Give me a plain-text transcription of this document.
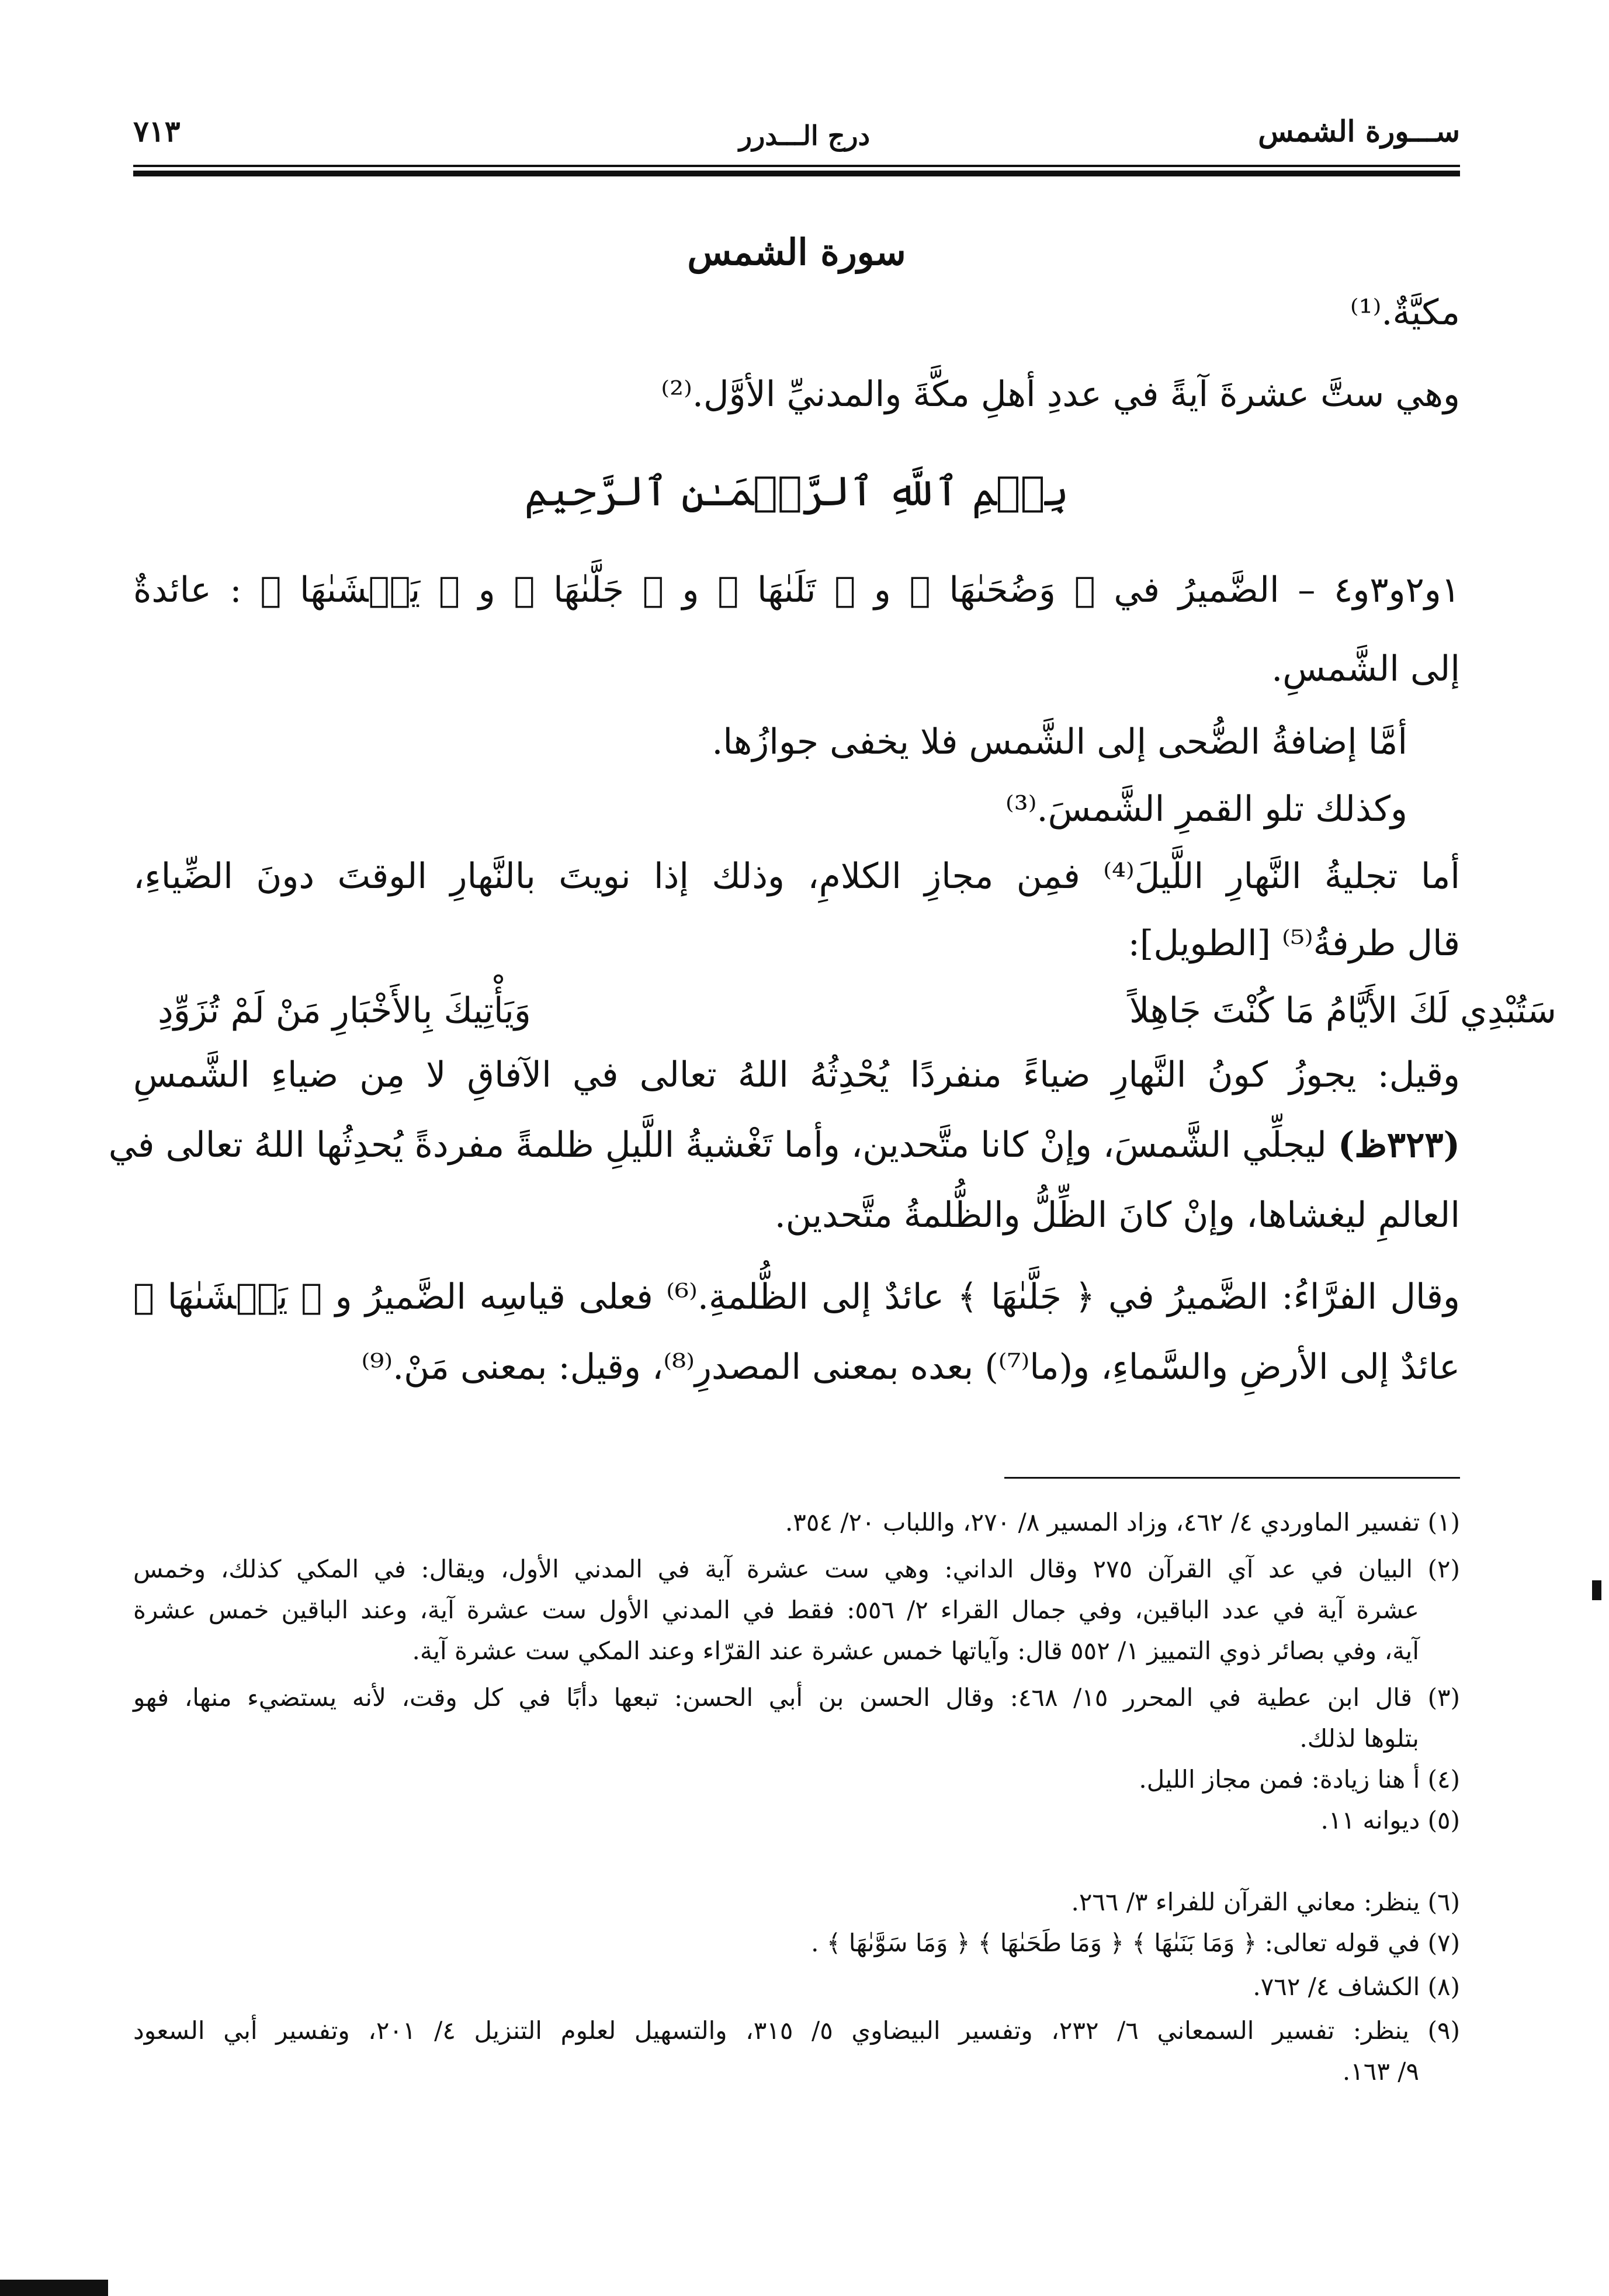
٧١٣	درج الـــدرر	ســـورة الشمس
سورة الشمس
مكيَّةٌ.⁽¹⁾
وهي ستَّ عشرةَ آيةً في عددِ أهلِ مكَّةَ والمدنيِّ الأوَّل.⁽²⁾
بِسۡمِ ٱللَّهِ ٱلرَّحۡمَـٰنِ ٱلرَّحِيمِ
١و٢و٣و٤ – الضَّميرُ في ﴿ وَضُحَىٰهَا ﴾ و ﴿ تَلَىٰهَا ﴾ و ﴿ جَلَّىٰهَا ﴾ و ﴿ يَغۡشَىٰهَا ﴾ : عائدةٌ
إلى الشَّمسِ.
أمَّا إضافةُ الضُّحى إلى الشَّمس فلا يخفى جوازُها.
وكذلك تلو القمرِ الشَّمسَ.⁽³⁾
أما تجليةُ النَّهارِ اللَّيلَ⁽⁴⁾ فمِن مجازِ الكلامِ، وذلك إذا نويتَ بالنَّهارِ الوقتَ دونَ الضِّياءِ،
قال طرفةُ⁽⁵⁾ [الطويل]:
سَتُبْدِي لَكَ الأَيَّامُ مَا كُنْتَ جَاهِلاً
وَيَأْتِيكَ بِالأَخْبَارِ مَنْ لَمْ تُزَوِّدِ
وقيل: يجوزُ كونُ النَّهارِ ضياءً منفردًا يُحْدِثُهُ اللهُ تعالى في الآفاقِ لا مِن ضياءِ الشَّمسِ
(٣٢٣ظ) ليجلِّي الشَّمسَ، وإنْ كانا متَّحدين، وأما تَغْشيةُ اللَّيلِ ظلمةً مفردةً يُحدِثُها اللهُ تعالى في
العالمِ ليغشاها، وإنْ كانَ الظِّلُّ والظُّلمةُ متَّحدين.
وقال الفرَّاءُ: الضَّميرُ في ﴿ جَلَّىٰهَا ﴾ عائدٌ إلى الظُّلمةِ.⁽⁶⁾ فعلى قياسِه الضَّميرُ و ﴿ يَغۡشَىٰهَا ﴾
عائدٌ إلى الأرضِ والسَّماءِ، و(ما⁽⁷⁾) بعده بمعنى المصدرِ⁽⁸⁾، وقيل: بمعنى مَنْ.⁽⁹⁾
(١) تفسير الماوردي ٤/ ٤٦٢، وزاد المسير ٨/ ٢٧٠، واللباب ٢٠/ ٣٥٤.
(٢) البيان في عد آي القرآن ٢٧٥ وقال الداني: وهي ست عشرة آية في المدني الأول، ويقال: في المكي كذلك، وخمس
عشرة آية في عدد الباقين، وفي جمال القراء ٢/ ٥٥٦: فقط في المدني الأول ست عشرة آية، وعند الباقين خمس عشرة
آية، وفي بصائر ذوي التمييز ١/ ٥٥٢ قال: وآياتها خمس عشرة عند القرّاء وعند المكي ست عشرة آية.
(٣) قال ابن عطية في المحرر ١٥/ ٤٦٨: وقال الحسن بن أبي الحسن: تبعها دأبًا في كل وقت، لأنه يستضيء منها، فهو
بتلوها لذلك.
(٤) أ هنا زيادة: فمن مجاز الليل.
(٥) ديوانه ١١.
(٦) ينظر: معاني القرآن للفراء ٣/ ٢٦٦.
(٧) في قوله تعالى: ﴿ وَمَا بَنَىٰهَا ﴾ ﴿ وَمَا طَحَىٰهَا ﴾ ﴿ وَمَا سَوَّىٰهَا ﴾ .
(٨) الكشاف ٤/ ٧٦٢.
(٩) ينظر: تفسير السمعاني ٦/ ٢٣٢، وتفسير البيضاوي ٥/ ٣١٥، والتسهيل لعلوم التنزيل ٤/ ٢٠١، وتفسير أبي السعود
٩/ ١٦٣.
